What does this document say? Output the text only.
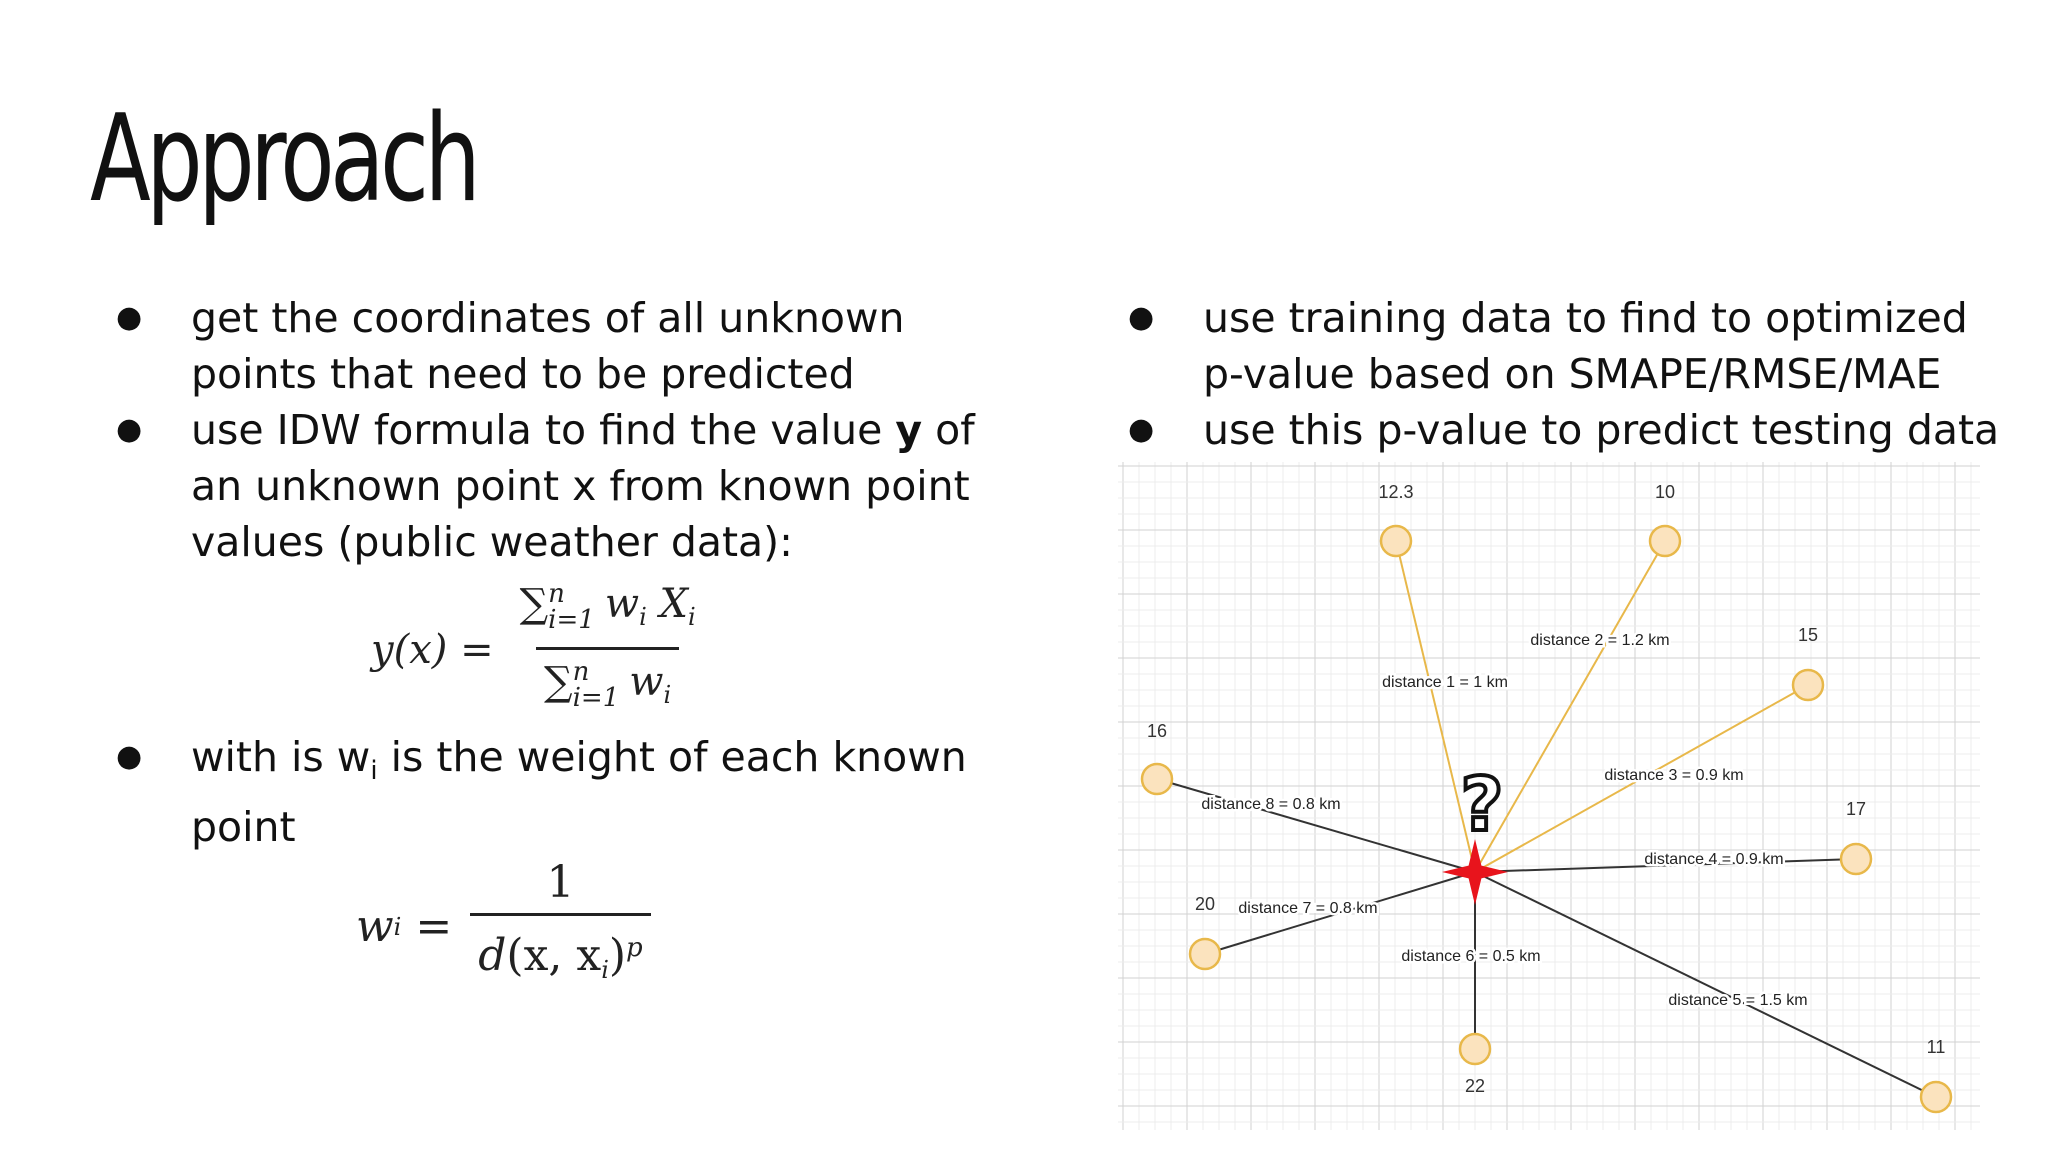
Approach
● get the coordinates of all unknown points that need to be predicted
● use IDW formula to find the value y of an unknown point x from known point values (public weather data):
y(x) = ∑ n
i=1 $w_i$ $X_i$
∑ n
i=1 $w_i$
● with is $w_i$ is the weight of each known point
w i
= $\frac{1}{d(x, x_i)^p}$
● use training data to find to optimized p-value based on SMAPE/RMSE/MAE
● use this p-value to predict testing data
distance 1 = 1 km
distance 2 = 1.2 km
distance 3 = 0.9 km
distance 4 = 0.9 km
distance 5 = 1.5 km
distance 6 = 0.5 km
distance 7 = 0.8 km
distance 8 = 0.8 km
12.3	10
15
17
11
22
20
16
?
